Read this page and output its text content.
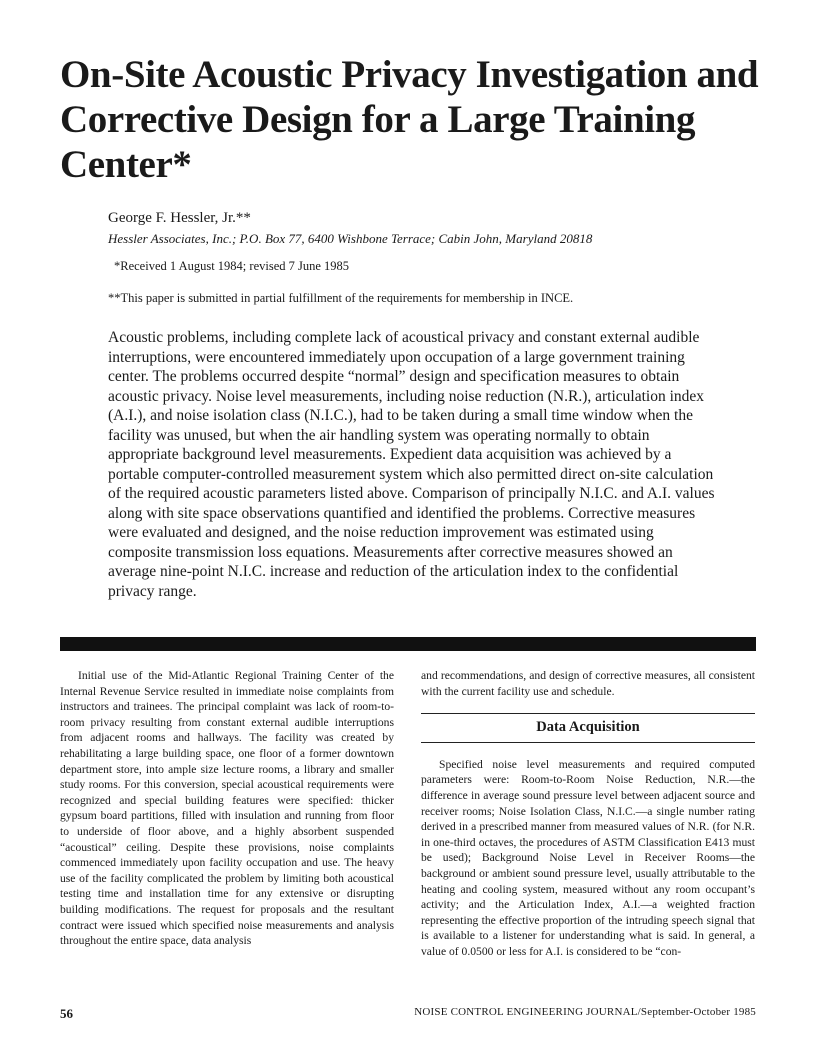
On-Site Acoustic Privacy Investigation and Corrective Design for a Large Training Center*
George F. Hessler, Jr.**
Hessler Associates, Inc.; P.O. Box 77, 6400 Wishbone Terrace; Cabin John, Maryland 20818
*Received 1 August 1984; revised 7 June 1985
**This paper is submitted in partial fulfillment of the requirements for membership in INCE.

Acoustic problems, including complete lack of acoustical privacy and constant external audible interruptions, were encountered immediately upon occupation of a large government training center. The problems occurred despite “normal” design and specification measures to obtain acoustic privacy. Noise level measurements, including noise reduction (N.R.), articulation index (A.I.), and noise isolation class (N.I.C.), had to be taken during a small time window when the facility was unused, but when the air handling system was operating normally to obtain appropriate background level measurements. Expedient data acquisition was achieved by a portable computer-controlled measurement system which also permitted direct on-site calculation of the required acoustic parameters listed above. Comparison of principally N.I.C. and A.I. values along with site space observations quantified and identified the problems. Corrective measures were evaluated and designed, and the noise reduction improvement was estimated using composite transmission loss equations. Measurements after corrective measures showed an average nine-point N.I.C. increase and reduction of the articulation index to the confidential privacy range.

Initial use of the Mid-Atlantic Regional Training Center of the Internal Revenue Service resulted in immediate noise complaints from instructors and trainees. The principal complaint was lack of room-to-room privacy resulting from constant external audible interruptions from adjacent rooms and hallways. The facility was created by rehabilitating a large building space, one floor of a former downtown department store, into ample size lecture rooms, a library and smaller study rooms. For this conversion, special acoustical requirements were recognized and special building features were specified: thicker gypsum board partitions, filled with insulation and running from floor to underside of floor above, and a highly absorbent suspended “acoustical” ceiling. Despite these provisions, noise complaints commenced immediately upon facility occupation and use. The heavy use of the facility complicated the problem by limiting both acoustical testing time and installation time for any extensive or disrupting building modifications. The request for proposals and the resultant contract were issued which specified noise measurements and analysis throughout the entire space, data analysis

and recommendations, and design of corrective measures, all consistent with the current facility use and schedule.

Data Acquisition

Specified noise level measurements and required computed parameters were: Room-to-Room Noise Reduction, N.R.—the difference in average sound pressure level between adjacent source and receiver rooms; Noise Isolation Class, N.I.C.—a single number rating derived in a prescribed manner from measured values of N.R. (for N.R. in one-third octaves, the procedures of ASTM Classification E413 must be used); Background Noise Level in Receiver Rooms—the background or ambient sound pressure level, usually attributable to the heating and cooling system, measured without any room occupant’s activity; and the Articulation Index, A.I.—a weighted fraction representing the effective proportion of the intruding speech signal that is available to a listener for understanding what is said. In general, a value of 0.0500 or less for A.I. is considered to be “con-

56	NOISE CONTROL ENGINEERING JOURNAL/September-October 1985
